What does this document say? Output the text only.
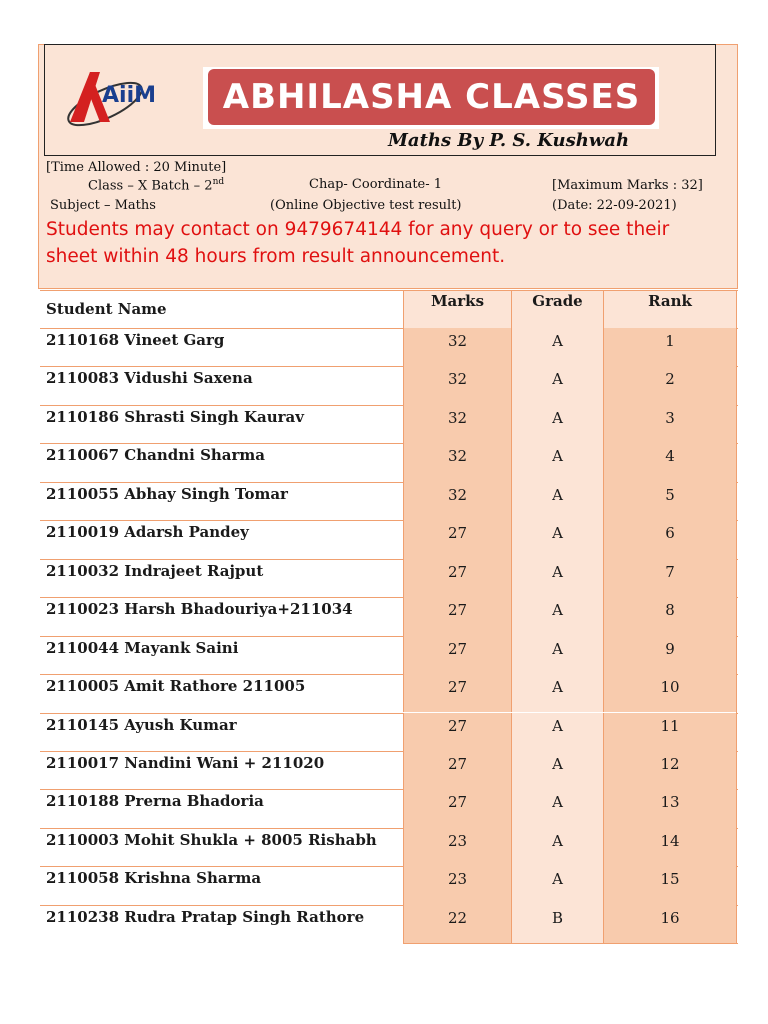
AiiM ABHILASHA CLASSES
Maths By P. S. Kushwah
[Time Allowed : 20 Minute]
Class – X Batch – 2nd	Chap- Coordinate- 1	[Maximum Marks : 32]
Subject – Maths	(Online Objective test result)	(Date: 22-09-2021)
Students may contact on 9479674144 for any query or to see their
sheet within 48 hours from result announcement.
Student Name	Marks	Grade	Rank
2110168 Vineet Garg	32	A	1
2110083 Vidushi Saxena	32	A	2
2110186 Shrasti Singh Kaurav	32	A	3
2110067 Chandni Sharma	32	A	4
2110055 Abhay Singh Tomar	32	A	5
2110019 Adarsh Pandey	27	A	6
2110032 Indrajeet Rajput	27	A	7
2110023 Harsh Bhadouriya+211034	27	A	8
2110044 Mayank Saini	27	A	9
2110005 Amit Rathore 211005	27	A	10
2110145 Ayush Kumar	27	A	11
2110017 Nandini Wani + 211020	27	A	12
2110188 Prerna Bhadoria	27	A	13
2110003 Mohit Shukla + 8005 Rishabh	23	A	14
2110058 Krishna Sharma	23	A	15
2110238 Rudra Pratap Singh Rathore	22	B	16
